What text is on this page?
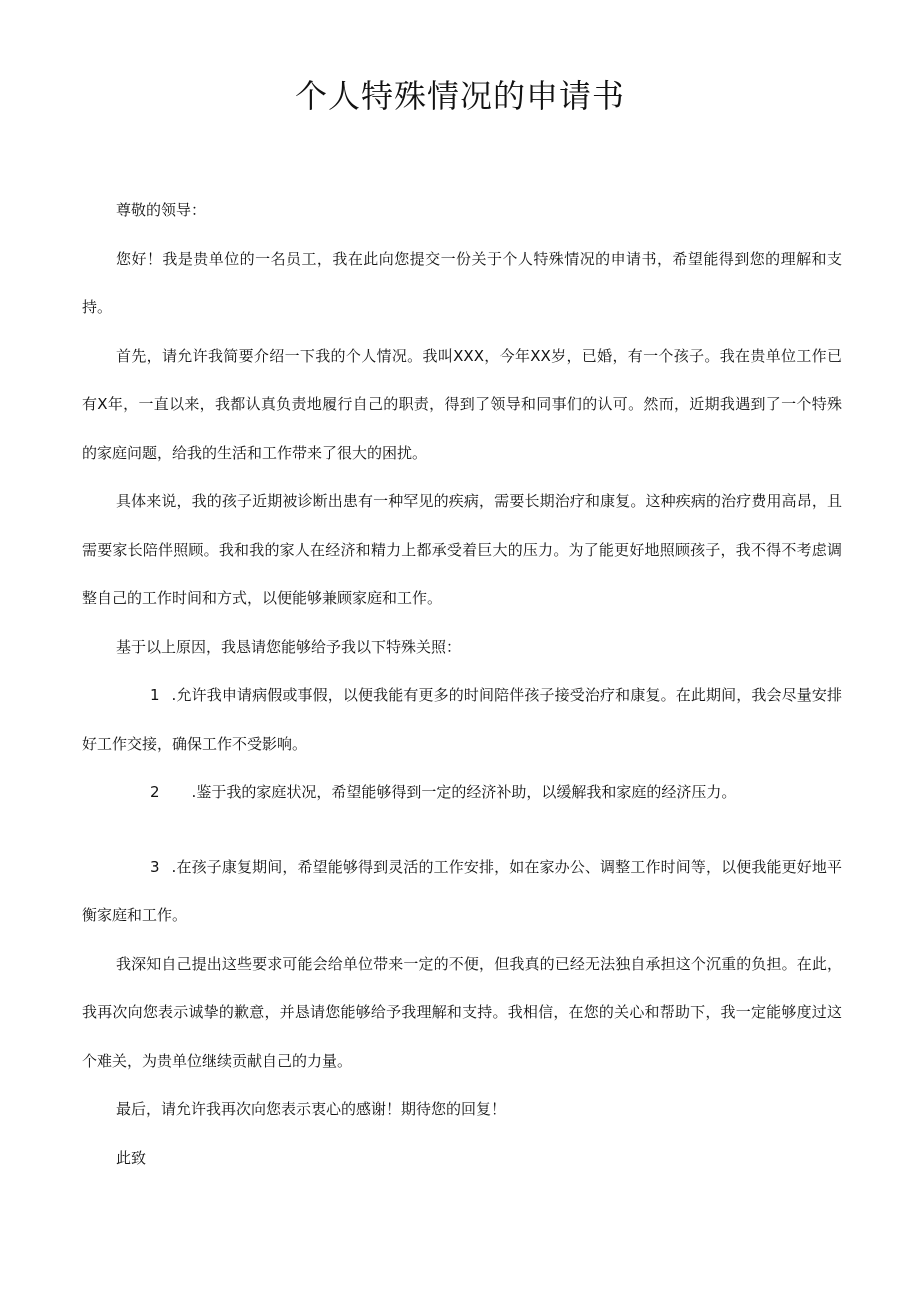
个人特殊情况的申请书

尊敬的领导：

您好！我是贵单位的一名员工，我在此向您提交一份关于个人特殊情况的申请书，希望能得到您的理解和支持。

首先，请允许我简要介绍一下我的个人情况。我叫XXX，今年XX岁，已婚，有一个孩子。我在贵单位工作已有X年，一直以来，我都认真负责地履行自己的职责，得到了领导和同事们的认可。然而，近期我遇到了一个特殊的家庭问题，给我的生活和工作带来了很大的困扰。

具体来说，我的孩子近期被诊断出患有一种罕见的疾病，需要长期治疗和康复。这种疾病的治疗费用高昂，且需要家长陪伴照顾。我和我的家人在经济和精力上都承受着巨大的压力。为了能更好地照顾孩子，我不得不考虑调整自己的工作时间和方式，以便能够兼顾家庭和工作。

基于以上原因，我恳请您能够给予我以下特殊关照：

1 .允许我申请病假或事假，以便我能有更多的时间陪伴孩子接受治疗和康复。在此期间，我会尽量安排好工作交接，确保工作不受影响。

2 .鉴于我的家庭状况，希望能够得到一定的经济补助，以缓解我和家庭的经济压力。

3 .在孩子康复期间，希望能够得到灵活的工作安排，如在家办公、调整工作时间等，以便我能更好地平衡家庭和工作。

我深知自己提出这些要求可能会给单位带来一定的不便，但我真的已经无法独自承担这个沉重的负担。在此，我再次向您表示诚挚的歉意，并恳请您能够给予我理解和支持。我相信，在您的关心和帮助下，我一定能够度过这个难关，为贵单位继续贡献自己的力量。

最后，请允许我再次向您表示衷心的感谢！期待您的回复！

此致
